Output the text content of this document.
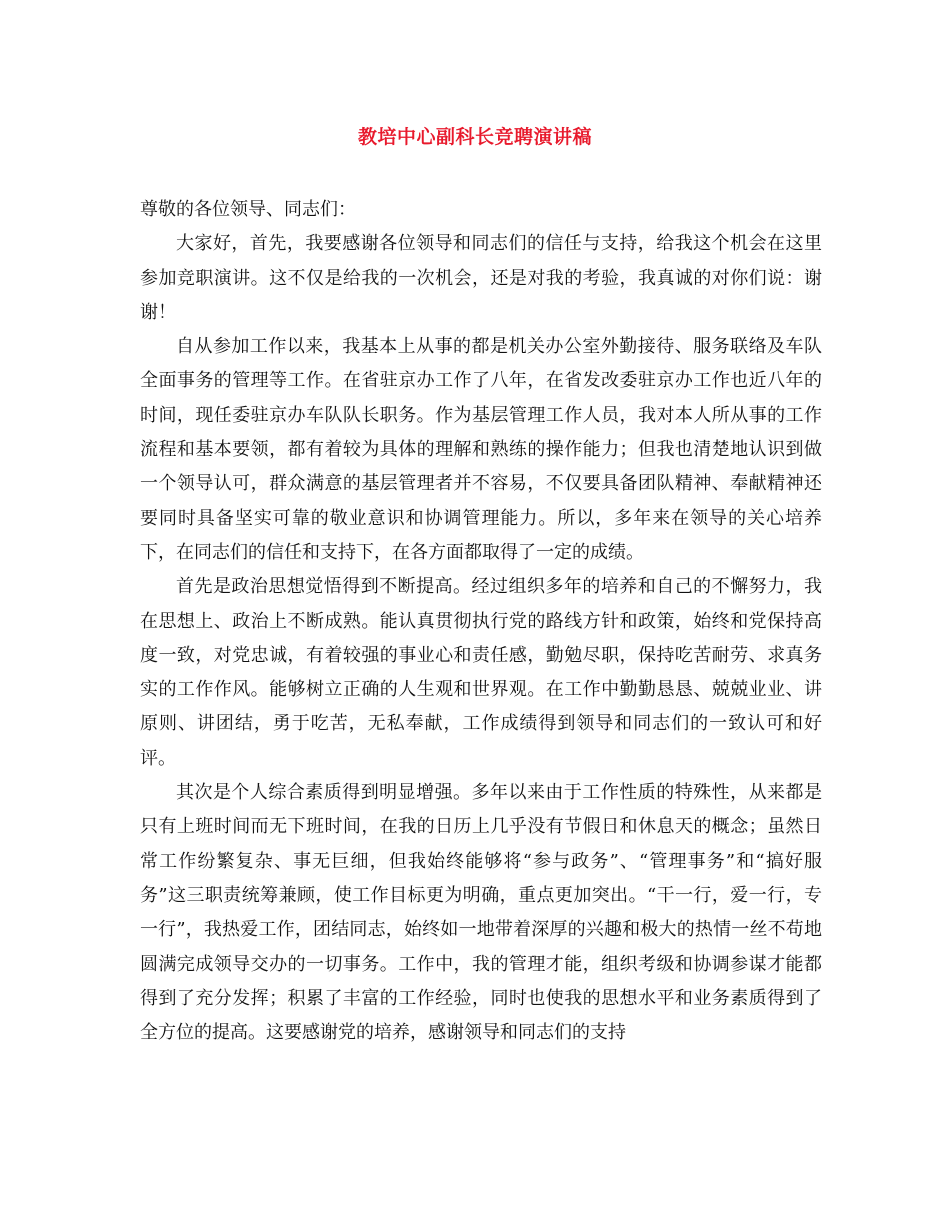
教培中心副科长竞聘演讲稿

尊敬的各位领导、同志们：

大家好，首先，我要感谢各位领导和同志们的信任与支持，给我这个机会在这里参加竞职演讲。这不仅是给我的一次机会，还是对我的考验，我真诚的对你们说：谢谢！

自从参加工作以来，我基本上从事的都是机关办公室外勤接待、服务联络及车队全面事务的管理等工作。在省驻京办工作了八年，在省发改委驻京办工作也近八年的时间，现任委驻京办车队队长职务。作为基层管理工作人员，我对本人所从事的工作流程和基本要领，都有着较为具体的理解和熟练的操作能力；但我也清楚地认识到做一个领导认可，群众满意的基层管理者并不容易，不仅要具备团队精神、奉献精神还要同时具备坚实可靠的敬业意识和协调管理能力。所以，多年来在领导的关心培养下，在同志们的信任和支持下，在各方面都取得了一定的成绩。

首先是政治思想觉悟得到不断提高。经过组织多年的培养和自己的不懈努力，我在思想上、政治上不断成熟。能认真贯彻执行党的路线方针和政策，始终和党保持高度一致，对党忠诚，有着较强的事业心和责任感，勤勉尽职，保持吃苦耐劳、求真务实的工作作风。能够树立正确的人生观和世界观。在工作中勤勤恳恳、兢兢业业、讲原则、讲团结，勇于吃苦，无私奉献，工作成绩得到领导和同志们的一致认可和好评。

其次是个人综合素质得到明显增强。多年以来由于工作性质的特殊性，从来都是只有上班时间而无下班时间，在我的日历上几乎没有节假日和休息天的概念；虽然日常工作纷繁复杂、事无巨细，但我始终能够将“参与政务”、“管理事务”和“搞好服务”这三职责统筹兼顾，使工作目标更为明确，重点更加突出。“干一行，爱一行，专一行”，我热爱工作，团结同志，始终如一地带着深厚的兴趣和极大的热情一丝不苟地圆满完成领导交办的一切事务。工作中，我的管理才能，组织考级和协调参谋才能都得到了充分发挥；积累了丰富的工作经验，同时也使我的思想水平和业务素质得到了全方位的提高。这要感谢党的培养，感谢领导和同志们的支持
